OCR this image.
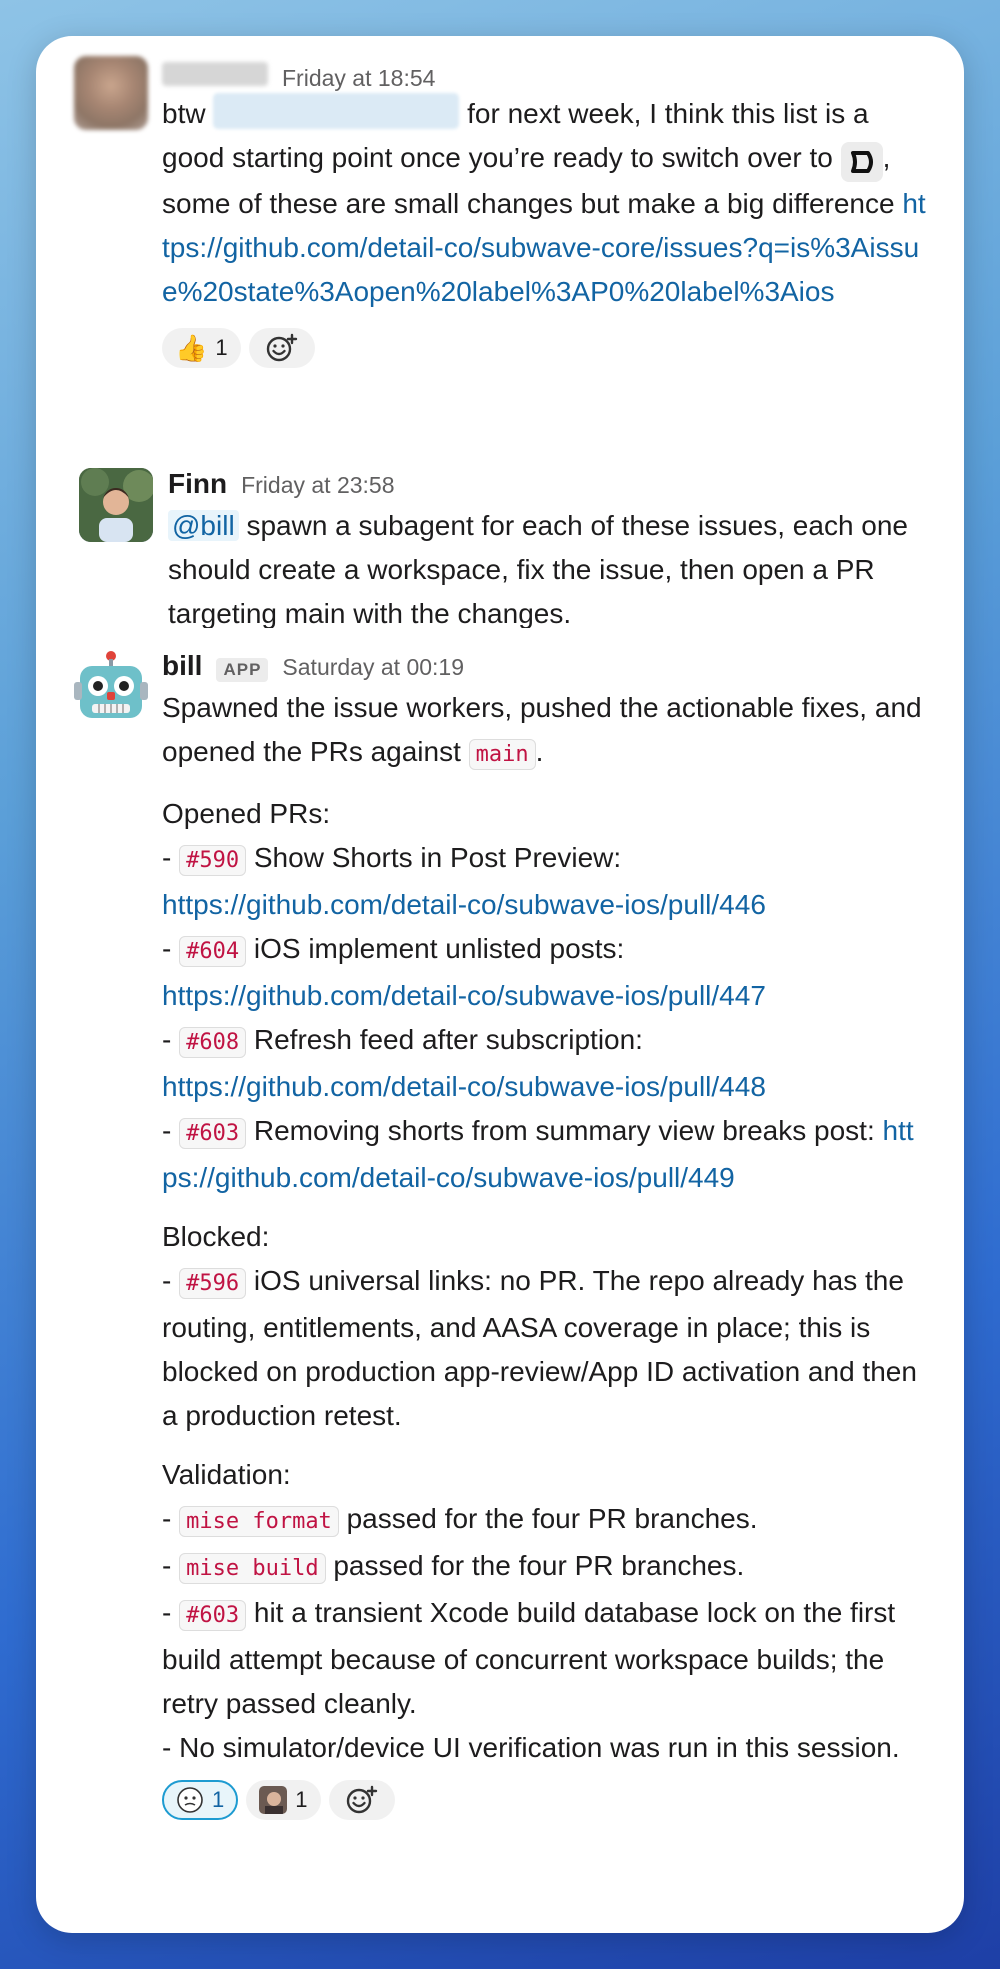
Friday at 18:54

btw	for next week, I think this list is a good starting point once you’re ready to switch over to , some of these are small changes but make a big difference https://github.com/detail-co/subwave-core/issues?q=is%3Aissue%20state%3Aopen%20label%3AP0%20label%3Aios

👍 1
Finn Friday at 23:58

@bill spawn a subagent for each of these issues, each one should create a workspace, fix the issue, then open a PR targeting main with the changes.

bill	APP Saturday at 00:19

Spawned the issue workers, pushed the actionable fixes, and opened the PRs against main .

Opened PRs:
- #590 Show Shorts in Post Preview:
https://github.com/detail-co/subwave-ios/pull/446
- #604 iOS implement unlisted posts:
https://github.com/detail-co/subwave-ios/pull/447
- #608 Refresh feed after subscription:
https://github.com/detail-co/subwave-ios/pull/448
- #603 Removing shorts from summary view breaks post: https://github.com/detail-co/subwave-ios/pull/449

Blocked:
- #596 iOS universal links: no PR. The repo already has the routing, entitlements, and AASA coverage in place; this is blocked on production app-review/App ID activation and then a production retest.

Validation:
- mise format passed for the four PR branches.
- mise build passed for the four PR branches.
- #603 hit a transient Xcode build database lock on the first build attempt because of concurrent workspace builds; the retry passed cleanly.
- No simulator/device UI verification was run in this session.

1	1
